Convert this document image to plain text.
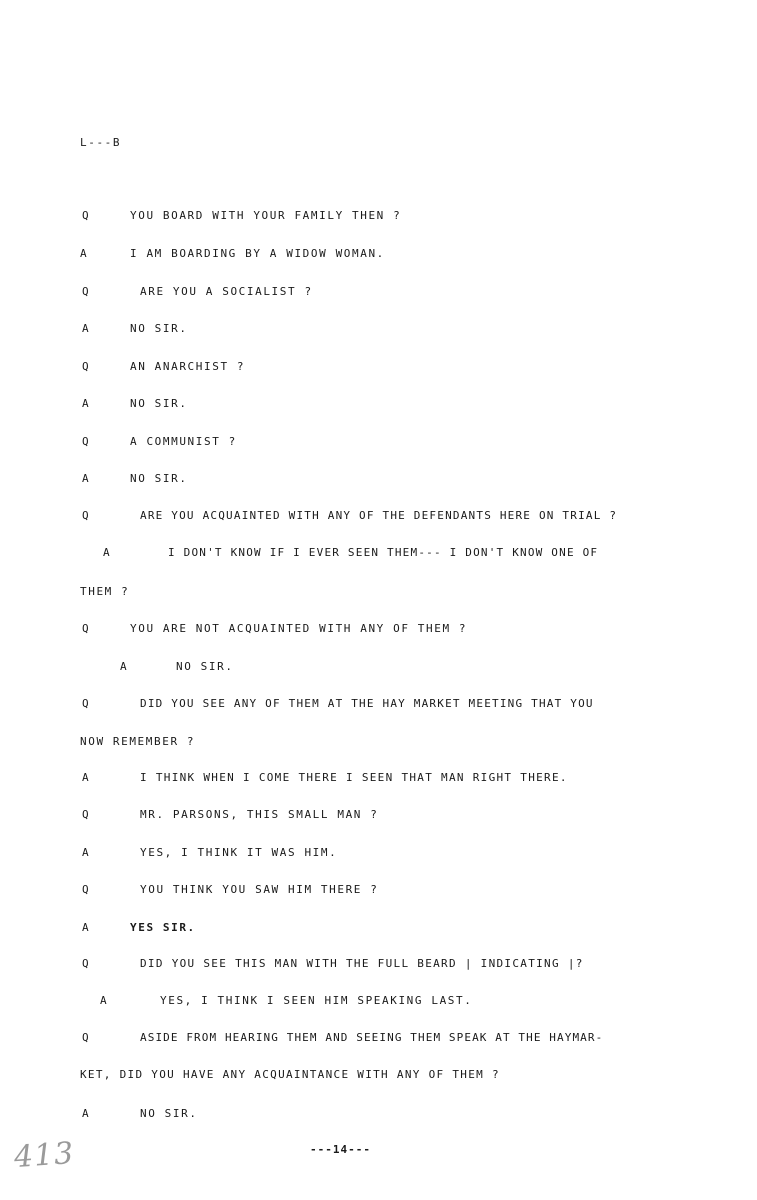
L---B
Q	YOU BOARD WITH YOUR FAMILY THEN ?
A	I AM BOARDING BY A WIDOW WOMAN.
Q	ARE YOU A SOCIALIST ?
A	NO SIR.
Q	AN ANARCHIST ?
A	NO SIR.
Q	A COMMUNIST ?
A	NO SIR.
Q	ARE YOU ACQUAINTED WITH ANY OF THE DEFENDANTS HERE ON TRIAL ?
A	I DON'T KNOW IF I EVER SEEN THEM--- I DON'T KNOW ONE OF
THEM ?
Q	YOU ARE NOT ACQUAINTED WITH ANY OF THEM ?
A	NO SIR.
Q	DID YOU SEE ANY OF THEM AT THE HAY MARKET MEETING THAT YOU
NOW REMEMBER ?
A	I THINK WHEN I COME THERE I SEEN THAT MAN RIGHT THERE.
Q	MR. PARSONS, THIS SMALL MAN ?
A	YES, I THINK IT WAS HIM.
Q	YOU THINK YOU SAW HIM THERE ?
A	YES SIR.
Q	DID YOU SEE THIS MAN WITH THE FULL BEARD | INDICATING |?
A	YES, I THINK I SEEN HIM SPEAKING LAST.
Q	ASIDE FROM HEARING THEM AND SEEING THEM SPEAK AT THE HAYMAR-
KET, DID YOU HAVE ANY ACQUAINTANCE WITH ANY OF THEM ?
A	NO SIR.
413	---14---
